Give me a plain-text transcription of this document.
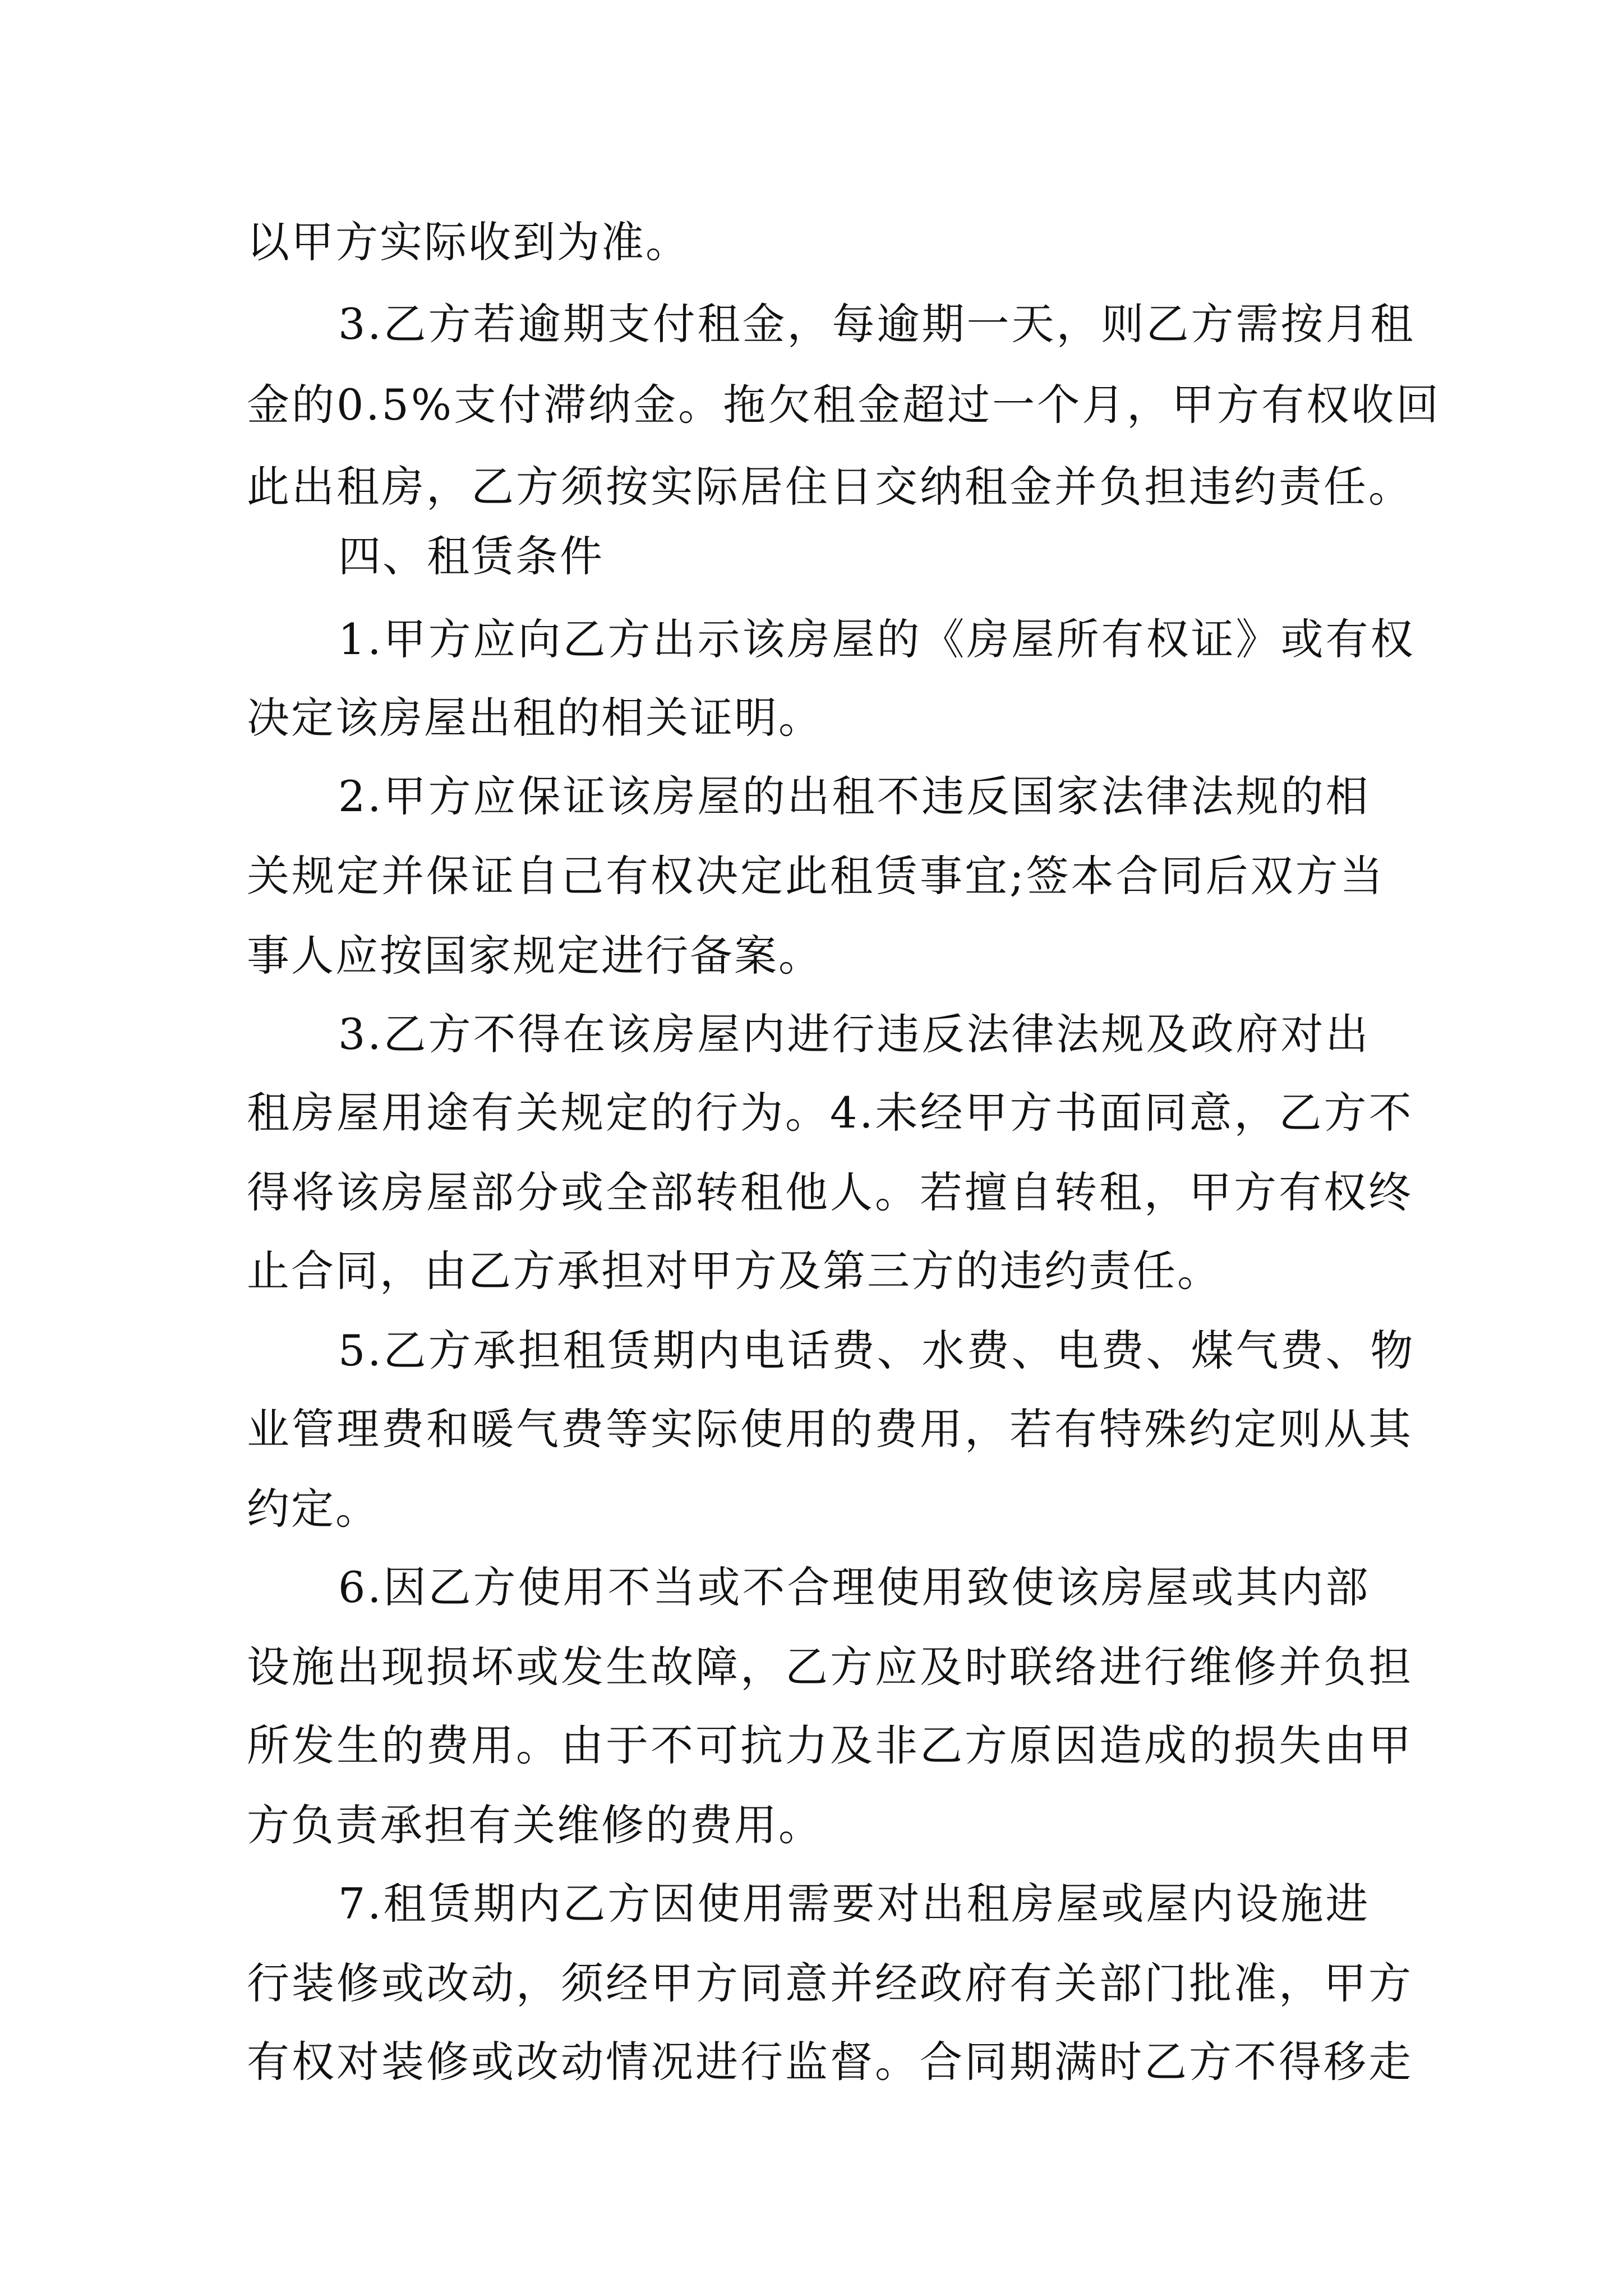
以甲方实际收到为准。
3.乙方若逾期支付租金，每逾期一天，则乙方需按月租
金的0.5%支付滞纳金。拖欠租金超过一个月，甲方有权收回
此出租房，乙方须按实际居住日交纳租金并负担违约责任。
四、租赁条件
1.甲方应向乙方出示该房屋的《房屋所有权证》或有权
决定该房屋出租的相关证明。
2.甲方应保证该房屋的出租不违反国家法律法规的相
关规定并保证自己有权决定此租赁事宜;签本合同后双方当
事人应按国家规定进行备案。
3.乙方不得在该房屋内进行违反法律法规及政府对出
租房屋用途有关规定的行为。4.未经甲方书面同意，乙方不
得将该房屋部分或全部转租他人。若擅自转租，甲方有权终
止合同，由乙方承担对甲方及第三方的违约责任。
5.乙方承担租赁期内电话费、水费、电费、煤气费、物
业管理费和暖气费等实际使用的费用，若有特殊约定则从其
约定。
6.因乙方使用不当或不合理使用致使该房屋或其内部
设施出现损坏或发生故障，乙方应及时联络进行维修并负担
所发生的费用。由于不可抗力及非乙方原因造成的损失由甲
方负责承担有关维修的费用。
7.租赁期内乙方因使用需要对出租房屋或屋内设施进
行装修或改动，须经甲方同意并经政府有关部门批准，甲方
有权对装修或改动情况进行监督。合同期满时乙方不得移走
